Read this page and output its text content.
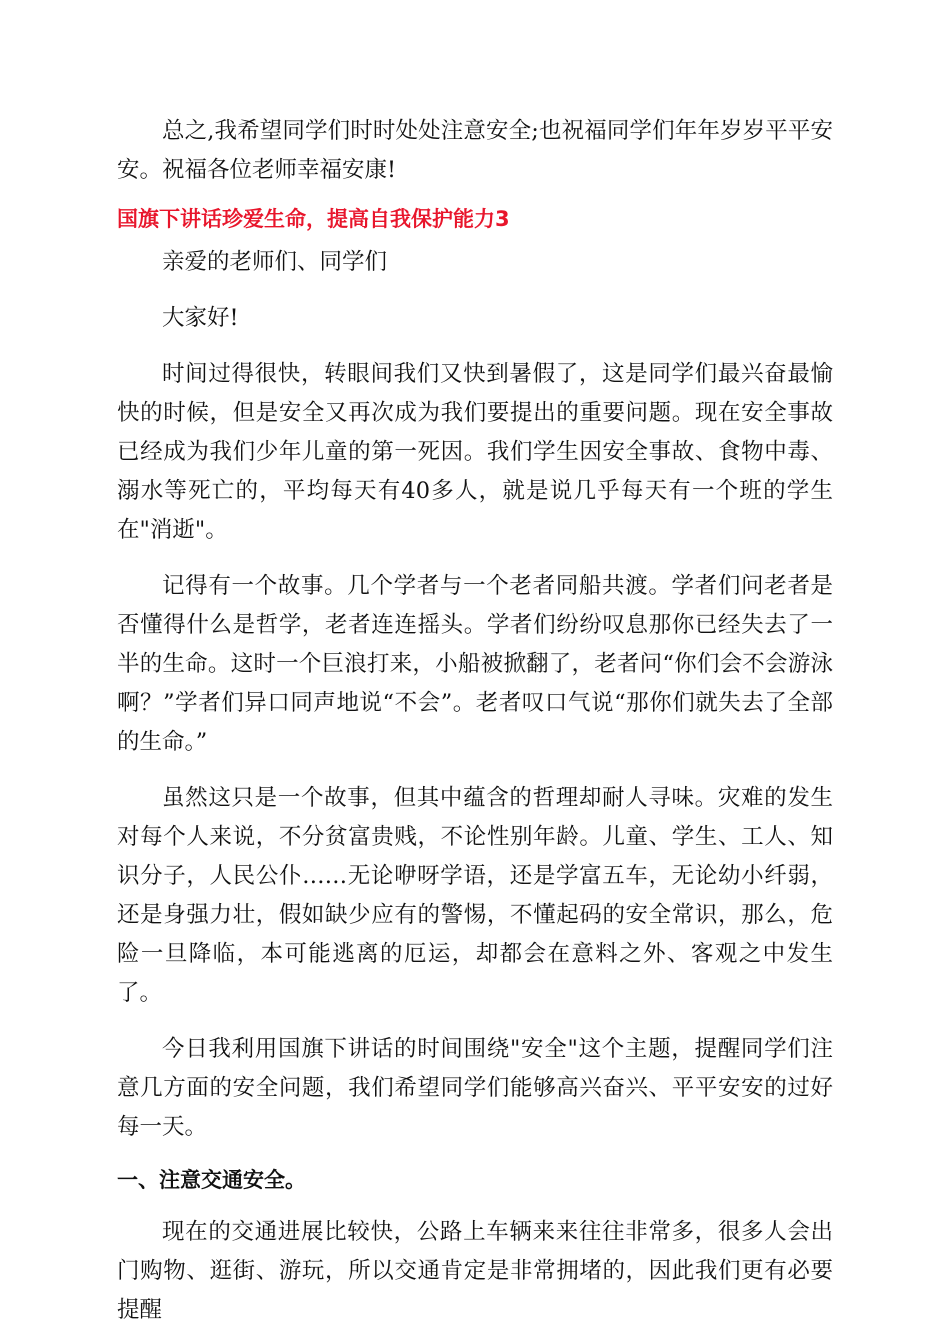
总之,我希望同学们时时处处注意安全;也祝福同学们年年岁岁平平安安。祝福各位老师幸福安康!

国旗下讲话珍爱生命，提高自我保护能力3

亲爱的老师们、同学们

大家好!

时间过得很快，转眼间我们又快到暑假了，这是同学们最兴奋最愉快的时候，但是安全又再次成为我们要提出的重要问题。现在安全事故已经成为我们少年儿童的第一死因。我们学生因安全事故、食物中毒、溺水等死亡的，平均每天有40多人，就是说几乎每天有一个班的学生在"消逝"。

记得有一个故事。几个学者与一个老者同船共渡。学者们问老者是否懂得什么是哲学，老者连连摇头。学者们纷纷叹息那你已经失去了一半的生命。这时一个巨浪打来，小船被掀翻了，老者问“你们会不会游泳啊？”学者们异口同声地说“不会”。老者叹口气说“那你们就失去了全部的生命。”

虽然这只是一个故事，但其中蕴含的哲理却耐人寻味。灾难的发生对每个人来说，不分贫富贵贱，不论性别年龄。儿童、学生、工人、知识分子，人民公仆……无论咿呀学语，还是学富五车，无论幼小纤弱，还是身强力壮，假如缺少应有的警惕，不懂起码的安全常识，那么，危险一旦降临，本可能逃离的厄运，却都会在意料之外、客观之中发生了。

今日我利用国旗下讲话的时间围绕"安全"这个主题，提醒同学们注意几方面的安全问题，我们希望同学们能够高兴奋兴、平平安安的过好每一天。

一、注意交通安全。

现在的交通进展比较快，公路上车辆来来往往非常多，很多人会出门购物、逛街、游玩，所以交通肯定是非常拥堵的，因此我们更有必要提醒
